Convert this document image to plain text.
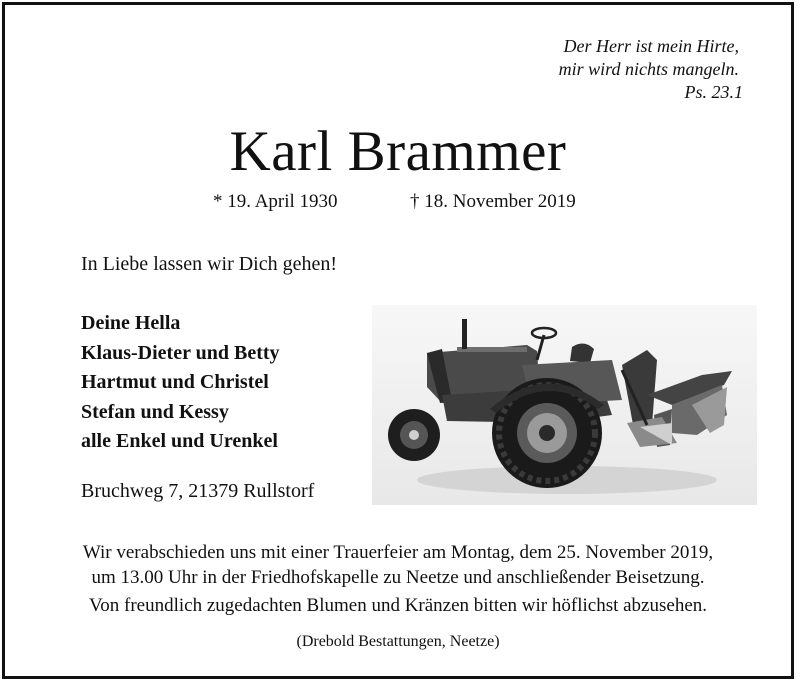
Der Herr ist mein Hirte,
mir wird nichts mangeln.
Ps. 23.1
Karl Brammer
* 19. April 1930	† 18. November 2019
In Liebe lassen wir Dich gehen!
Deine Hella
Klaus-Dieter und Betty
Hartmut und Christel
Stefan und Kessy
alle Enkel und Urenkel
Bruchweg 7, 21379 Rullstorf
Wir verabschieden uns mit einer Trauerfeier am Montag, dem 25. November 2019,
um 13.00 Uhr in der Friedhofskapelle zu Neetze und anschließender Beisetzung.
Von freundlich zugedachten Blumen und Kränzen bitten wir höflichst abzusehen.
(Drebold Bestattungen, Neetze)
